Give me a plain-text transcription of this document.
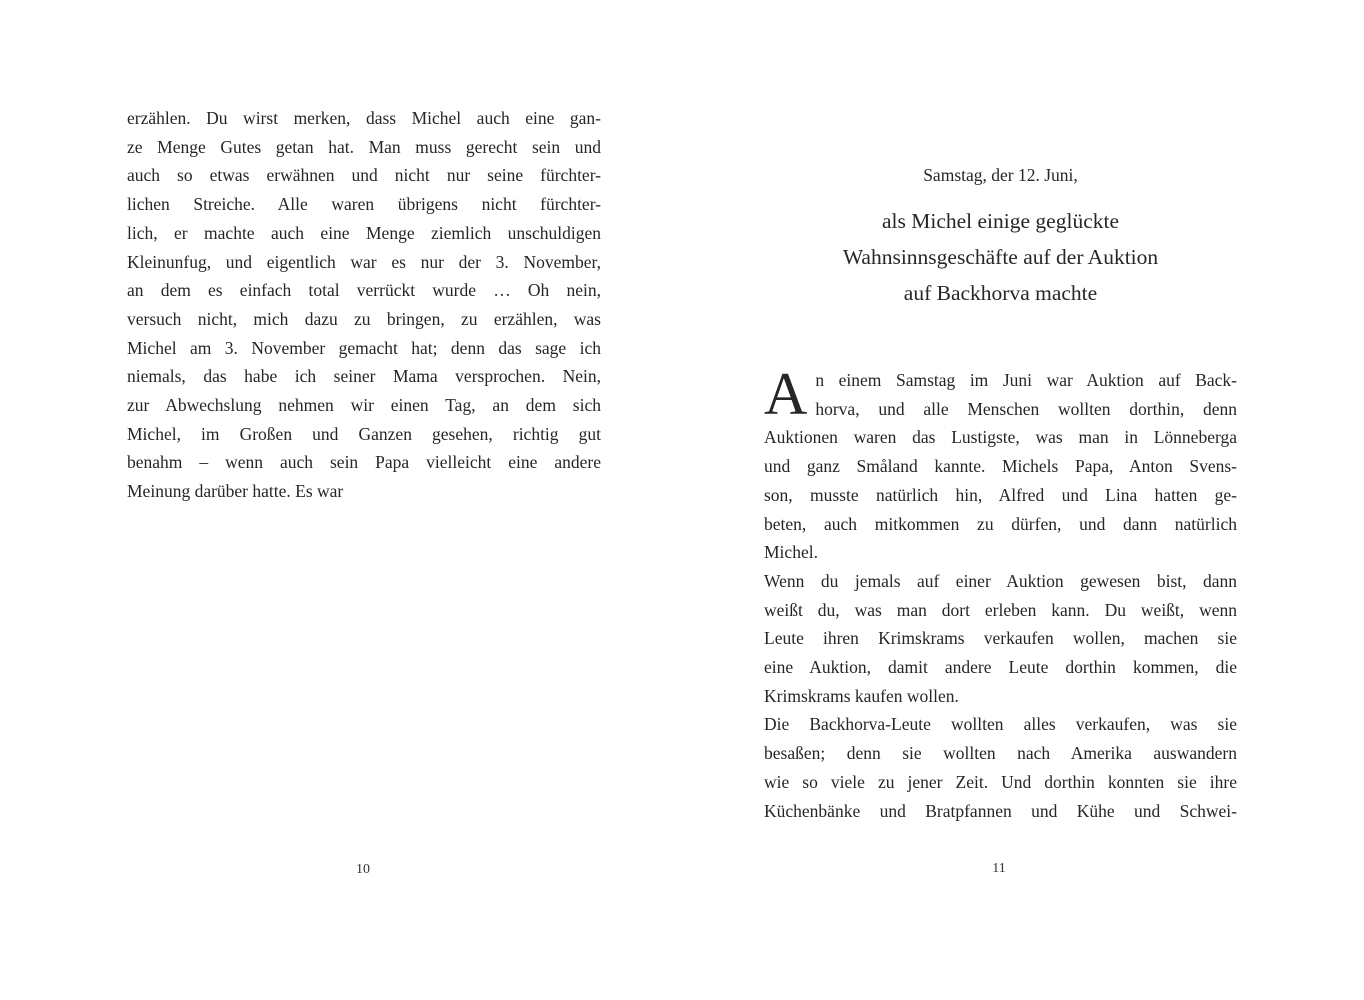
erzählen. Du wirst merken, dass Michel auch eine gan-
ze Menge Gutes getan hat. Man muss gerecht sein und
auch so etwas erwähnen und nicht nur seine fürchter-
lichen Streiche. Alle waren übrigens nicht fürchter-
lich, er machte auch eine Menge ziemlich unschuldigen
Kleinunfug, und eigentlich war es nur der 3. November,
an dem es einfach total verrückt wurde … Oh nein,
versuch nicht, mich dazu zu bringen, zu erzählen, was
Michel am 3. November gemacht hat; denn das sage ich
niemals, das habe ich seiner Mama versprochen. Nein,
zur Abwechslung nehmen wir einen Tag, an dem sich
Michel, im Großen und Ganzen gesehen, richtig gut
benahm – wenn auch sein Papa vielleicht eine andere
Meinung darüber hatte. Es war
10
Samstag, der 12. Juni,
als Michel einige geglückte
Wahnsinnsgeschäfte auf der Auktion
auf Backhorva machte
An einem Samstag im Juni war Auktion auf Back-
horva, und alle Menschen wollten dorthin, denn
Auktionen waren das Lustigste, was man in Lönneberga
und ganz Småland kannte. Michels Papa, Anton Svens-
son, musste natürlich hin, Alfred und Lina hatten ge-
beten, auch mitkommen zu dürfen, und dann natürlich
Michel.
Wenn du jemals auf einer Auktion gewesen bist, dann
weißt du, was man dort erleben kann. Du weißt, wenn
Leute ihren Krimskrams verkaufen wollen, machen sie
eine Auktion, damit andere Leute dorthin kommen, die
Krimskrams kaufen wollen.
Die Backhorva-Leute wollten alles verkaufen, was sie
besaßen; denn sie wollten nach Amerika auswandern
wie so viele zu jener Zeit. Und dorthin konnten sie ihre
Küchenbänke und Bratpfannen und Kühe und Schwei-
11
